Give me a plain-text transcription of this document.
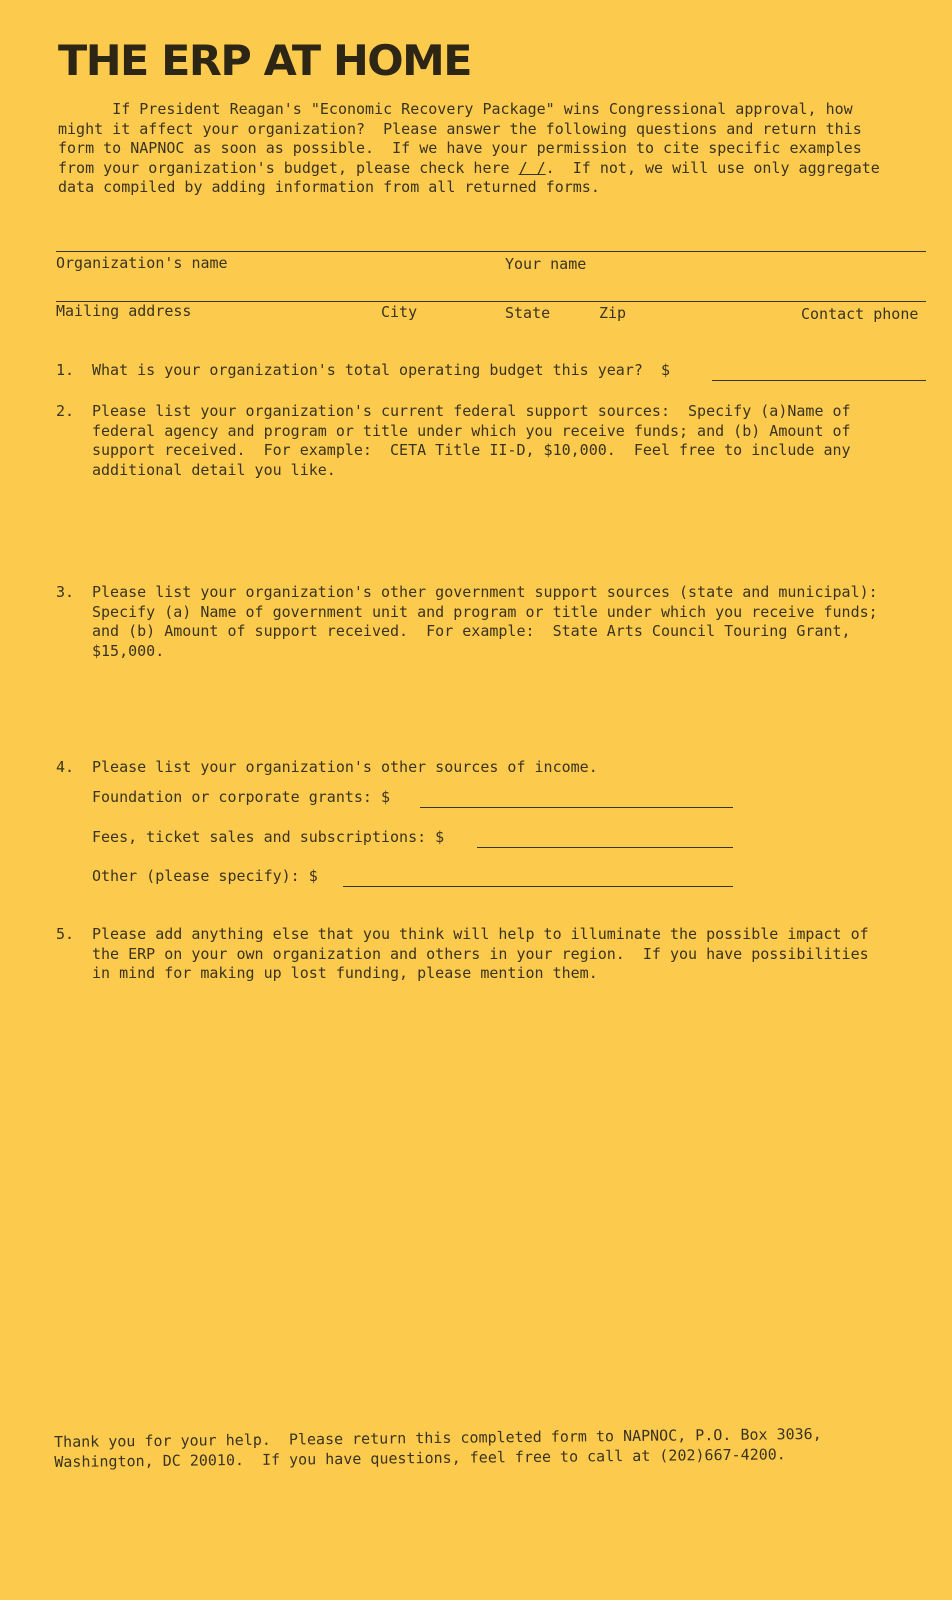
THE ERP AT HOME
If President Reagan's "Economic Recovery Package" wins Congressional approval, how
might it affect your organization?  Please answer the following questions and return this
form to NAPNOC as soon as possible.  If we have your permission to cite specific examples
from your organization's budget, please check here / /.  If not, we will use only aggregate
data compiled by adding information from all returned forms.
Organization's name	Your name
Mailing address	City	State	Zip	Contact phone
1. What is your organization's total operating budget this year?  $
2. Please list your organization's current federal support sources:  Specify (a)Name of
federal agency and program or title under which you receive funds; and (b) Amount of
support received.  For example:  CETA Title II-D, $10,000.  Feel free to include any
additional detail you like.
3. Please list your organization's other government support sources (state and municipal):
Specify (a) Name of government unit and program or title under which you receive funds;
and (b) Amount of support received.  For example:  State Arts Council Touring Grant,
$15,000.
4. Please list your organization's other sources of income.
Foundation or corporate grants: $
Fees, ticket sales and subscriptions: $
Other (please specify): $
5. Please add anything else that you think will help to illuminate the possible impact of
the ERP on your own organization and others in your region.  If you have possibilities
in mind for making up lost funding, please mention them.
Thank you for your help.  Please return this completed form to NAPNOC, P.O. Box 3036,
Washington, DC 20010.  If you have questions, feel free to call at (202)667-4200.
